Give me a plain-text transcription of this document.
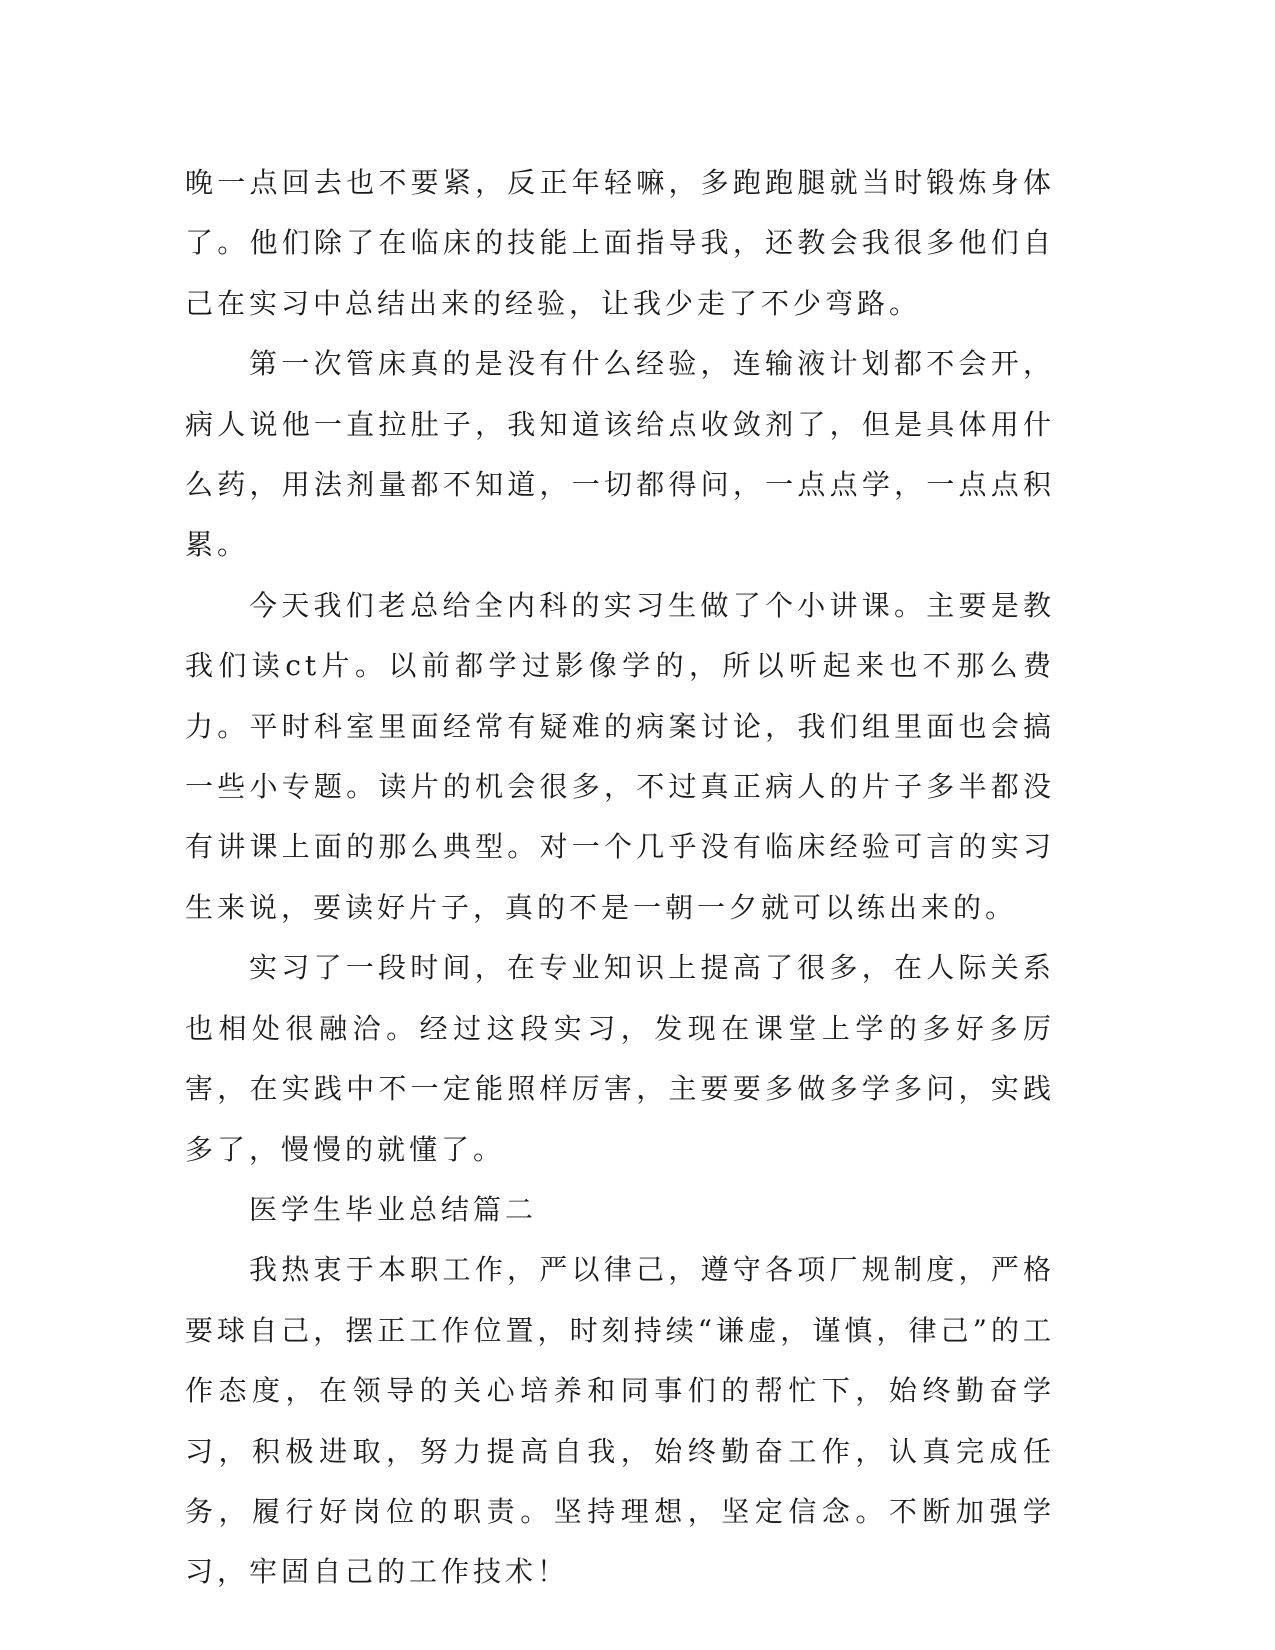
晚一点回去也不要紧，反正年轻嘛，多跑跑腿就当时锻炼身体了。他们除了在临床的技能上面指导我，还教会我很多他们自己在实习中总结出来的经验，让我少走了不少弯路。

第一次管床真的是没有什么经验，连输液计划都不会开，病人说他一直拉肚子，我知道该给点收敛剂了，但是具体用什么药，用法剂量都不知道，一切都得问，一点点学，一点点积累。

今天我们老总给全内科的实习生做了个小讲课。主要是教我们读ct片。以前都学过影像学的，所以听起来也不那么费力。平时科室里面经常有疑难的病案讨论，我们组里面也会搞一些小专题。读片的机会很多，不过真正病人的片子多半都没有讲课上面的那么典型。对一个几乎没有临床经验可言的实习生来说，要读好片子，真的不是一朝一夕就可以练出来的。

实习了一段时间，在专业知识上提高了很多，在人际关系也相处很融洽。经过这段实习，发现在课堂上学的多好多厉害，在实践中不一定能照样厉害，主要要多做多学多问，实践多了，慢慢的就懂了。

医学生毕业总结篇二

我热衷于本职工作，严以律己，遵守各项厂规制度，严格要球自己，摆正工作位置，时刻持续“谦虚，谨慎，律己”的工作态度，在领导的关心培养和同事们的帮忙下，始终勤奋学习，积极进取，努力提高自我，始终勤奋工作，认真完成任务，履行好岗位的职责。坚持理想，坚定信念。不断加强学习，牢固自己的工作技术！
